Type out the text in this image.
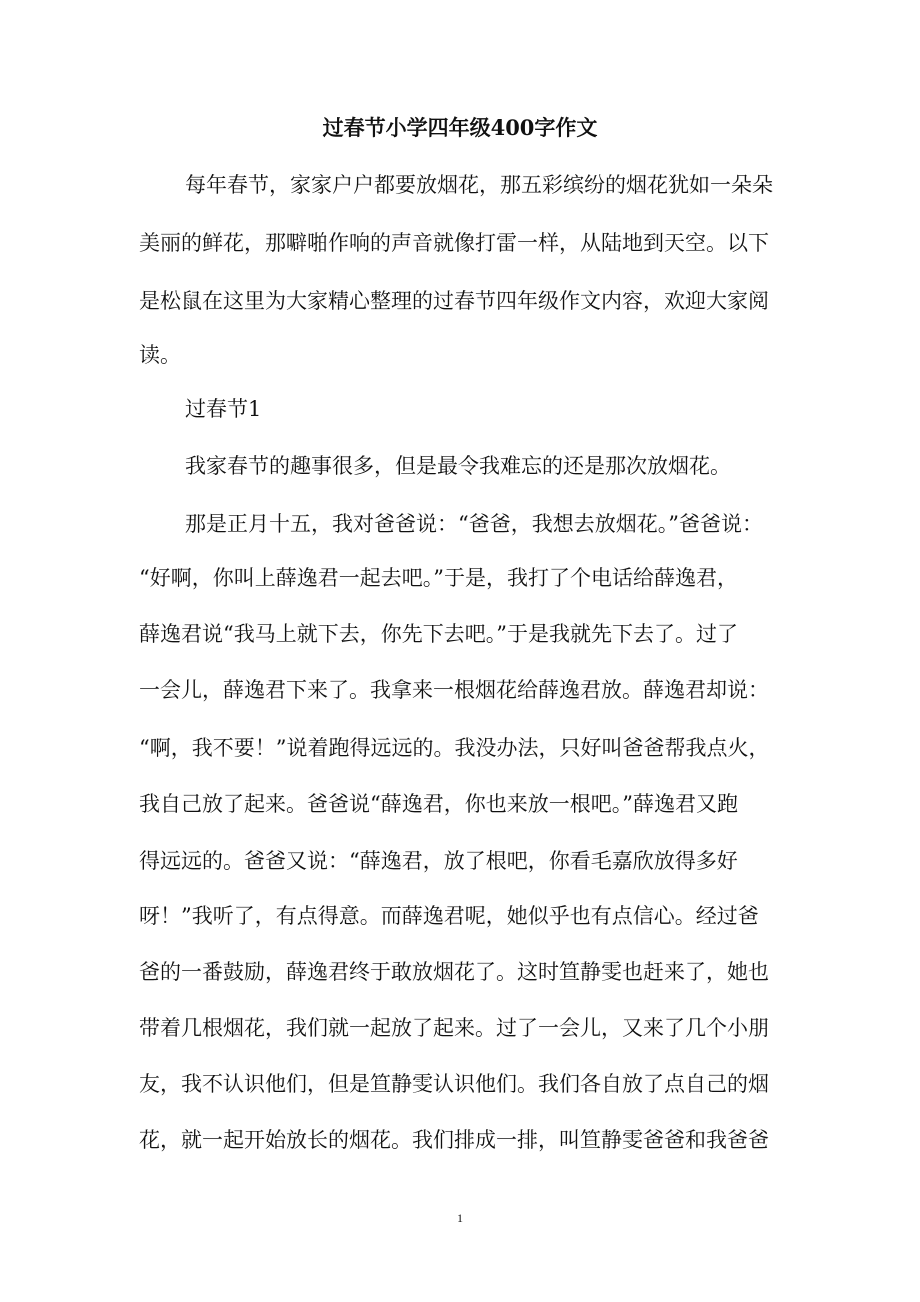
过春节小学四年级400字作文

每年春节，家家户户都要放烟花，那五彩缤纷的烟花犹如一朵朵

美丽的鲜花，那噼啪作响的声音就像打雷一样，从陆地到天空。以下

是松鼠在这里为大家精心整理的过春节四年级作文内容，欢迎大家阅

读。

过春节1

我家春节的趣事很多，但是最令我难忘的还是那次放烟花。

那是正月十五，我对爸爸说：“爸爸，我想去放烟花。”爸爸说：

“好啊，你叫上薛逸君一起去吧。”于是，我打了个电话给薛逸君，

薛逸君说“我马上就下去，你先下去吧。”于是我就先下去了。过了

一会儿，薛逸君下来了。我拿来一根烟花给薛逸君放。薛逸君却说：

“啊，我不要！”说着跑得远远的。我没办法，只好叫爸爸帮我点火，

我自己放了起来。爸爸说“薛逸君，你也来放一根吧。”薛逸君又跑

得远远的。爸爸又说：“薛逸君，放了根吧，你看毛嘉欣放得多好

呀！”我听了，有点得意。而薛逸君呢，她似乎也有点信心。经过爸

爸的一番鼓励，薛逸君终于敢放烟花了。这时笪静雯也赶来了，她也

带着几根烟花，我们就一起放了起来。过了一会儿，又来了几个小朋

友，我不认识他们，但是笪静雯认识他们。我们各自放了点自己的烟

花，就一起开始放长的烟花。我们排成一排，叫笪静雯爸爸和我爸爸

1
